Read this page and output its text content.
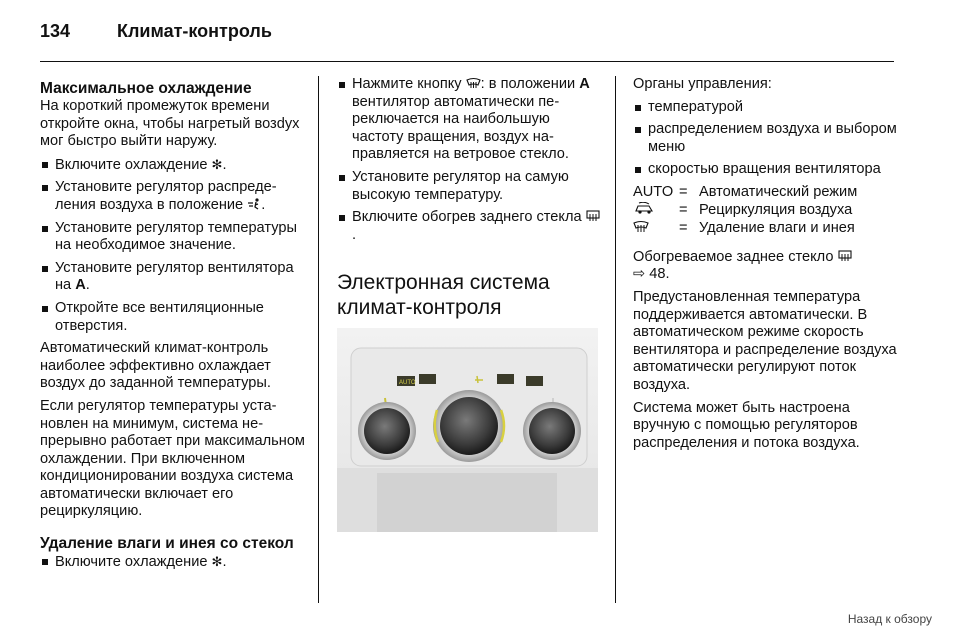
134	Климат-контроль
Максимальное охлаждение

На короткий промежуток времени откройте окна, чтобы нагретый возdух мог быстро выйти наружу.

Включите охлаждение ✻.
Установите регулятор распределения воздуха в положение .
Установите регулятор температуры на необходимое значение.
Установите регулятор вентилятора на A.
Откройте все вентиляционные отверстия.

Автоматический климат-контроль наиболее эффективно охлаждает воздух до заданной температуры.

Если регулятор температуры установлен на минимум, система непрерывно работает при максимальном охлаждении. При включенном кондиционировании воздуха система автоматически включает его рециркуляцию.

Удаление влаги и инея со стекол
Включите охлаждение ✻.
Нажмите кнопку : в положении A вентилятор автоматически переключается на наибольшую частоту вращения, воздух направляется на ветровое стекло.
Установите регулятор на самую высокую температуру.
Включите обогрев заднего стекла .
Электронная система климат-контроля
AUTO

Органы управления:

температурой
распределением воздуха и выбором меню
скоростью вращения вентилятора
AUTO	=	Автоматический режим
	=	Рециркуляция воздуха
	=	Удаление влаги и инея

Обогреваемое заднее стекло
⇨ 48.

Предустановленная температура поддерживается автоматически. В автоматическом режиме скорость вентилятора и распределение воздуха автоматически регулируют поток воздуха.

Система может быть настроена вручную с помощью регуляторов распределения и потока воздуха.

Назад к обзору
